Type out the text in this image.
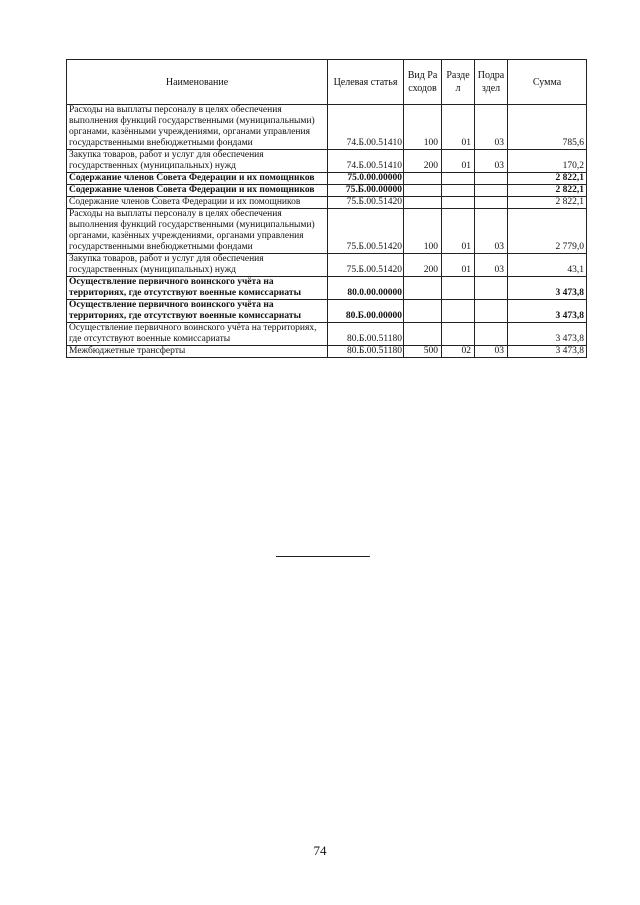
Наименование	Целевая статья	Вид Расходов	Раздел	Подраздел	Сумма
Расходы на выплаты персоналу в целях обеспечения выполнения функций государственными (муниципальными) органами, казёнными учреждениями, органами управления государственными внебюджетными фондами	74.Б.00.51410	100	01	03	785,6
Закупка товаров, работ и услуг для обеспечения государственных (муниципальных) нужд	74.Б.00.51410	200	01	03	170,2
Содержание членов Совета Федерации и их помощников	75.0.00.00000				2 822,1
Содержание членов Совета Федерации и их помощников	75.Б.00.00000				2 822,1
Содержание членов Совета Федерации и их помощников	75.Б.00.51420				2 822,1
Расходы на выплаты персоналу в целях обеспечения выполнения функций государственными (муниципальными) органами, казённых учреждениями, органами управления государственными внебюджетными фондами	75.Б.00.51420	100	01	03	2 779,0
Закупка товаров, работ и услуг для обеспечения государственных (муниципальных) нужд	75.Б.00.51420	200	01	03	43,1
Осуществление первичного воинского учёта на территориях, где отсутствуют военные комиссариаты	80.0.00.00000				3 473,8
Осуществление первичного воинского учёта на территориях, где отсутствуют военные комиссариаты	80.Б.00.00000				3 473,8
Осуществление первичного воинского учёта на территориях, где отсутствуют военные комиссариаты	80.Б.00.51180				3 473,8
Межбюджетные трансферты	80.Б.00.51180	500	02	03	3 473,8
74
